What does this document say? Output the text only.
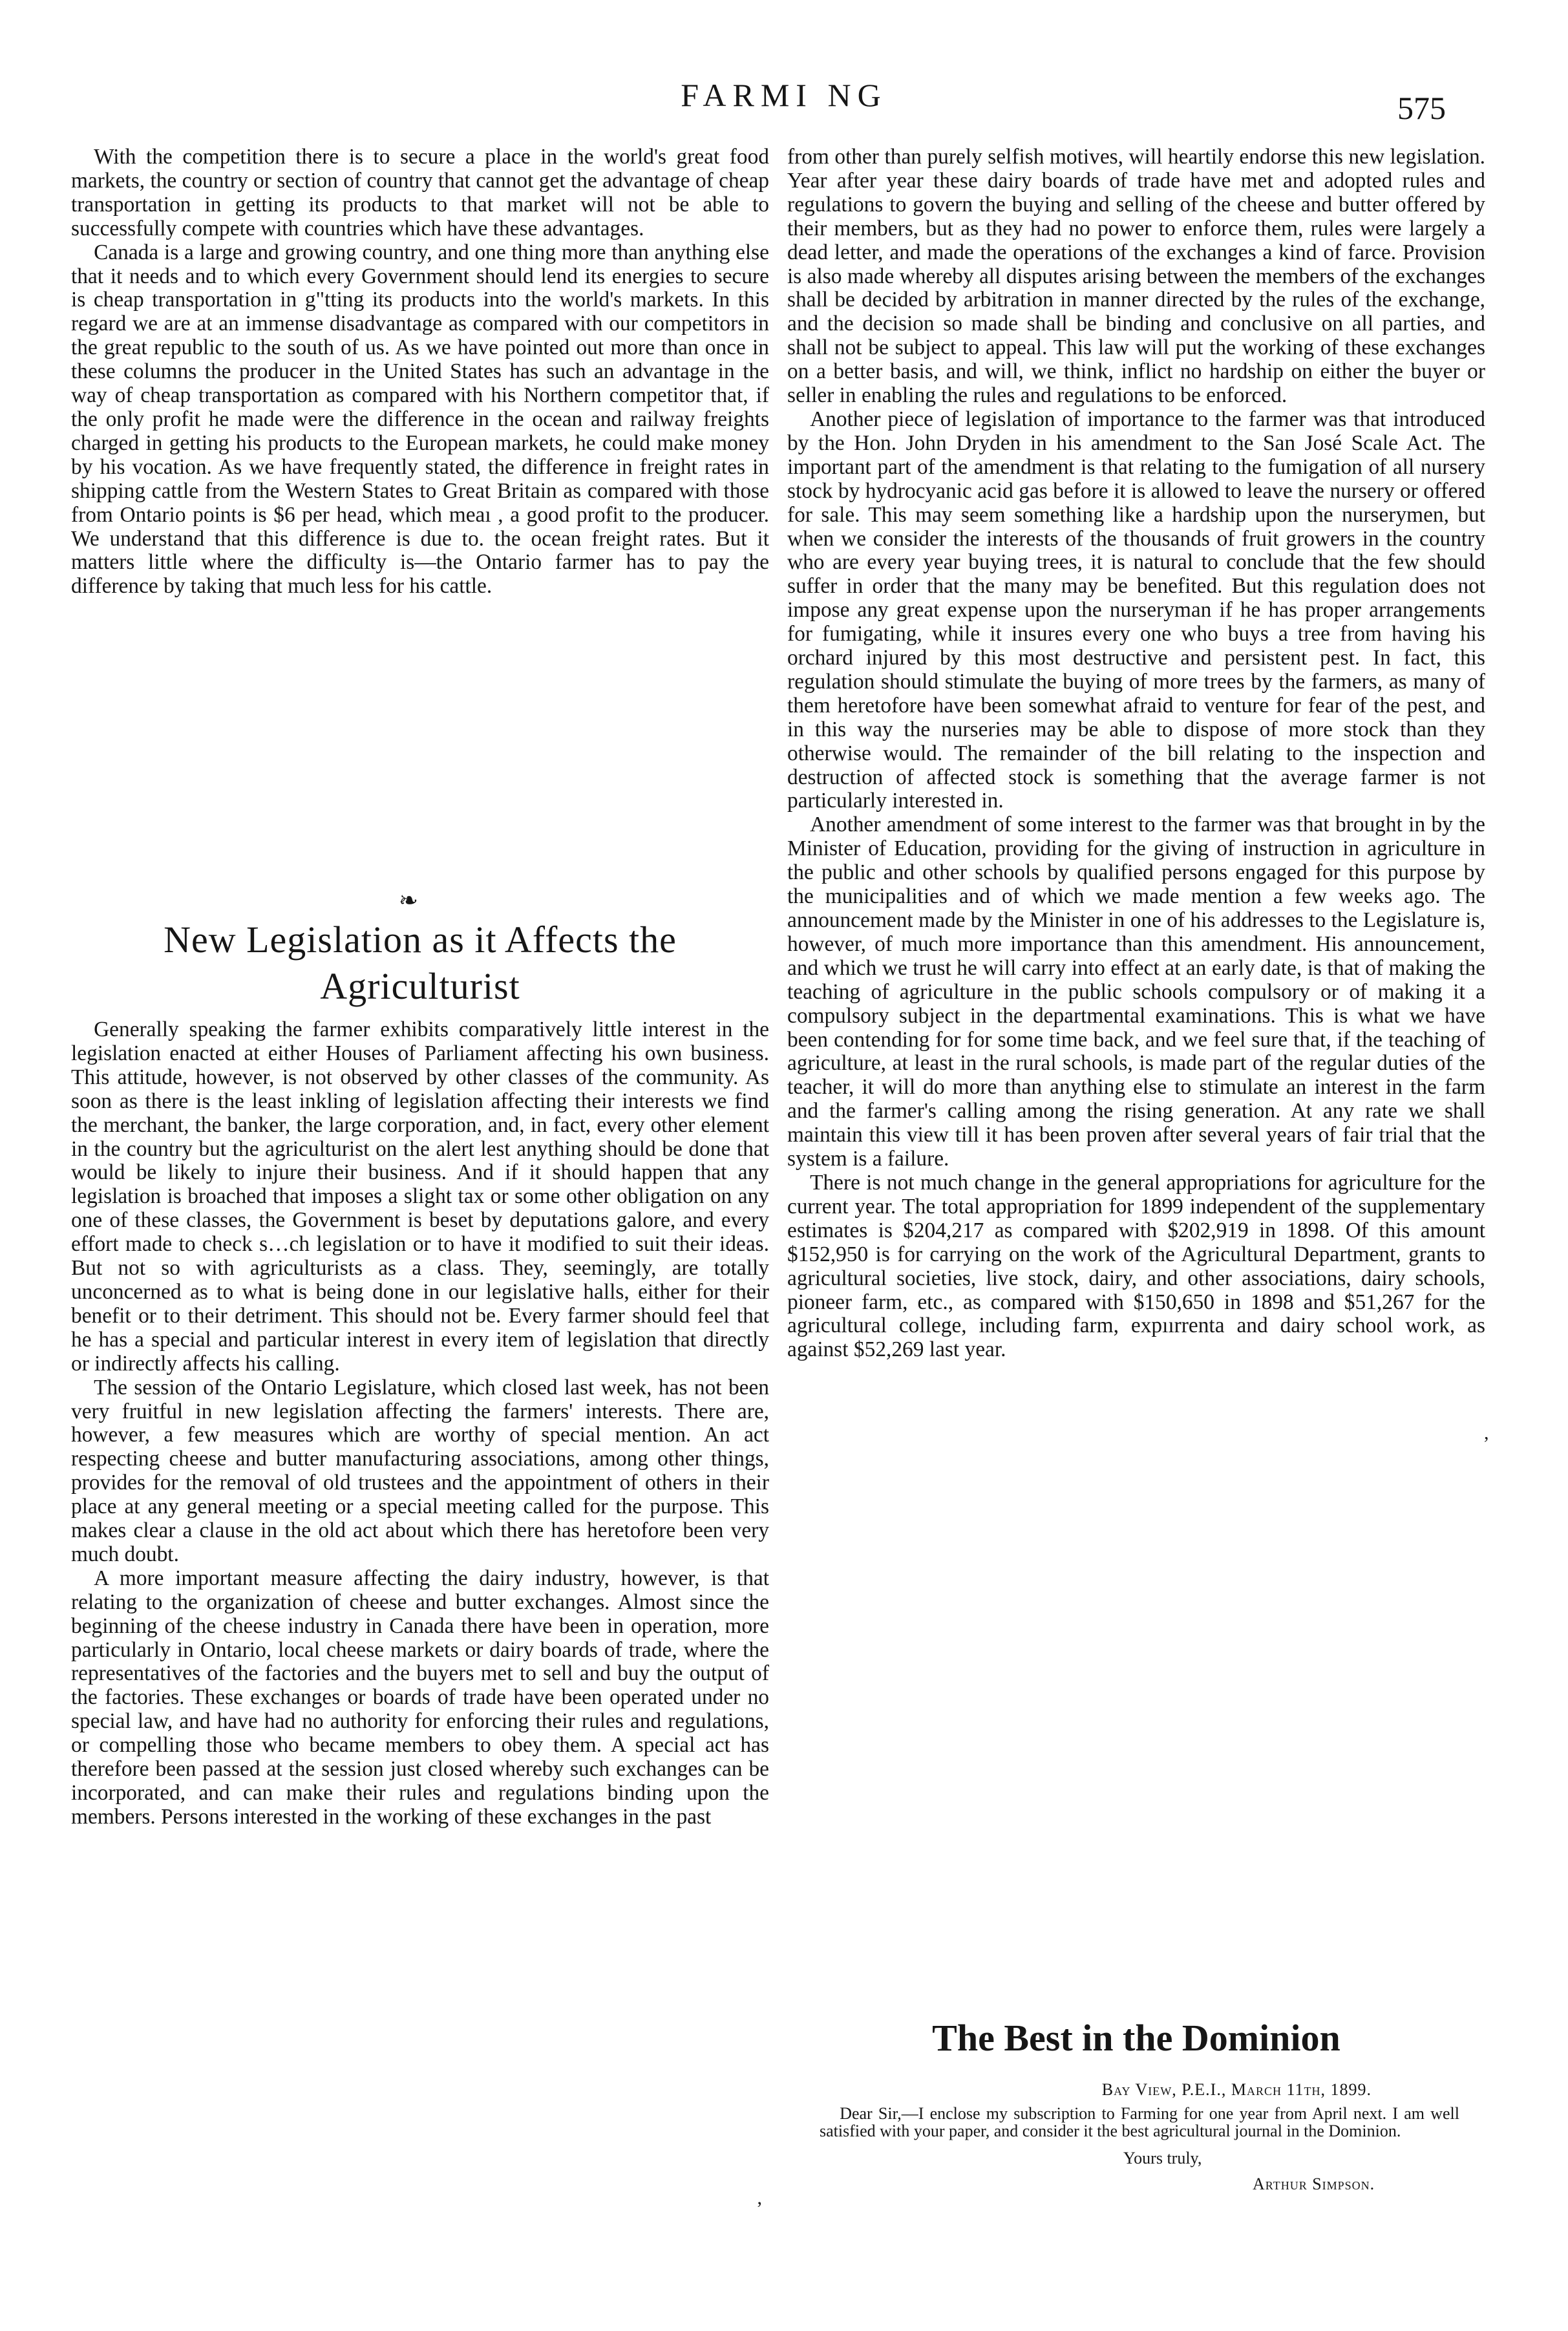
FARMI NG	575

With the competition there is to secure a place in the world's great food markets, the country or section of country that cannot get the advantage of cheap transportation in getting its products to that market will not be able to successfully compete with countries which have these advantages.

Canada is a large and growing country, and one thing more than anything else that it needs and to which every Government should lend its energies to secure is cheap transportation in g"tting its products into the world's markets. In this regard we are at an immense disadvantage as compared with our competitors in the great republic to the south of us. As we have pointed out more than once in these columns the producer in the United States has such an advantage in the way of cheap transportation as compared with his Northern competitor that, if the only profit he made were the difference in the ocean and railway freights charged in getting his products to the European markets, he could make money by his vocation. As we have frequently stated, the difference in freight rates in shipping cattle from the Western States to Great Britain as compared with those from Ontario points is $6 per head, which meaı , a good profit to the producer. We understand that this difference is due to. the ocean freight rates. But it matters little where the difficulty is—the Ontario farmer has to pay the difference by taking that much less for his cattle.

❧
New Legislation as it Affects the
Agriculturist

Generally speaking the farmer exhibits comparatively little interest in the legislation enacted at either Houses of Parliament affecting his own business. This attitude, however, is not observed by other classes of the community. As soon as there is the least inkling of legislation affecting their interests we find the merchant, the banker, the large corporation, and, in fact, every other element in the country but the agriculturist on the alert lest anything should be done that would be likely to injure their business. And if it should happen that any legislation is broached that imposes a slight tax or some other obligation on any one of these classes, the Government is beset by deputations galore, and every effort made to check s…ch legislation or to have it modified to suit their ideas. But not so with agriculturists as a class. They, seemingly, are totally unconcerned as to what is being done in our legislative halls, either for their benefit or to their detriment. This should not be. Every farmer should feel that he has a special and particular interest in every item of legislation that directly or indirectly affects his calling.

The session of the Ontario Legislature, which closed last week, has not been very fruitful in new legislation affecting the farmers' interests. There are, however, a few measures which are worthy of special mention. An act respecting cheese and butter manufacturing associations, among other things, provides for the removal of old trustees and the appointment of others in their place at any general meeting or a special meeting called for the purpose. This makes clear a clause in the old act about which there has heretofore been very much doubt.

A more important measure affecting the dairy industry, however, is that relating to the organization of cheese and butter exchanges. Almost since the beginning of the cheese industry in Canada there have been in operation, more particularly in Ontario, local cheese markets or dairy boards of trade, where the representatives of the factories and the buyers met to sell and buy the output of the factories. These exchanges or boards of trade have been operated under no special law, and have had no authority for enforcing their rules and regulations, or compelling those who became members to obey them. A special act has therefore been passed at the session just closed whereby such exchanges can be incorporated, and can make their rules and regulations binding upon the members. Persons interested in the working of these exchanges in the past

from other than purely selfish motives, will heartily endorse this new legislation. Year after year these dairy boards of trade have met and adopted rules and regulations to govern the buying and selling of the cheese and butter offered by their members, but as they had no power to enforce them, rules were largely a dead letter, and made the operations of the exchanges a kind of farce. Provision is also made whereby all disputes arising between the members of the exchanges shall be decided by arbitration in manner directed by the rules of the exchange, and the decision so made shall be binding and conclusive on all parties, and shall not be subject to appeal. This law will put the working of these exchanges on a better basis, and will, we think, inflict no hardship on either the buyer or seller in enabling the rules and regulations to be enforced.

Another piece of legislation of importance to the farmer was that introduced by the Hon. John Dryden in his amendment to the San José Scale Act. The important part of the amendment is that relating to the fumigation of all nursery stock by hydrocyanic acid gas before it is allowed to leave the nursery or offered for sale. This may seem something like a hardship upon the nurserymen, but when we consider the interests of the thousands of fruit growers in the country who are every year buying trees, it is natural to conclude that the few should suffer in order that the many may be benefited. But this regulation does not impose any great expense upon the nurseryman if he has proper arrangements for fumigating, while it insures every one who buys a tree from having his orchard injured by this most destructive and persistent pest. In fact, this regulation should stimulate the buying of more trees by the farmers, as many of them heretofore have been somewhat afraid to venture for fear of the pest, and in this way the nurseries may be able to dispose of more stock than they otherwise would. The remainder of the bill relating to the inspection and destruction of affected stock is something that the average farmer is not particularly interested in.

Another amendment of some interest to the farmer was that brought in by the Minister of Education, providing for the giving of instruction in agriculture in the public and other schools by qualified persons engaged for this purpose by the municipalities and of which we made mention a few weeks ago. The announcement made by the Minister in one of his addresses to the Legislature is, however, of much more importance than this amendment. His announcement, and which we trust he will carry into effect at an early date, is that of making the teaching of agriculture in the public schools compulsory or of making it a compulsory subject in the departmental examinations. This is what we have been contending for for some time back, and we feel sure that, if the teaching of agriculture, at least in the rural schools, is made part of the regular duties of the teacher, it will do more than anything else to stimulate an interest in the farm and the farmer's calling among the rising generation. At any rate we shall maintain this view till it has been proven after several years of fair trial that the system is a failure.

There is not much change in the general appropriations for agriculture for the current year. The total appropriation for 1899 independent of the supplementary estimates is $204,217 as compared with $202,919 in 1898. Of this amount $152,950 is for carrying on the work of the Agricultural Department, grants to agricultural societies, live stock, dairy, and other associations, dairy schools, pioneer farm, etc., as compared with $150,650 in 1898 and $51,267 for the agricultural college, including farm, expıırrenta and dairy school work, as against $52,269 last year.

,
’
The Best in the Dominion

Bay View, P.E.I., March 11th, 1899.

Dear Sir,—I enclose my subscription to Farming for one year from April next. I am well satisfied with your paper, and consider it the best agricultural journal in the Dominion.

Yours truly,

Arthur Simpson.
